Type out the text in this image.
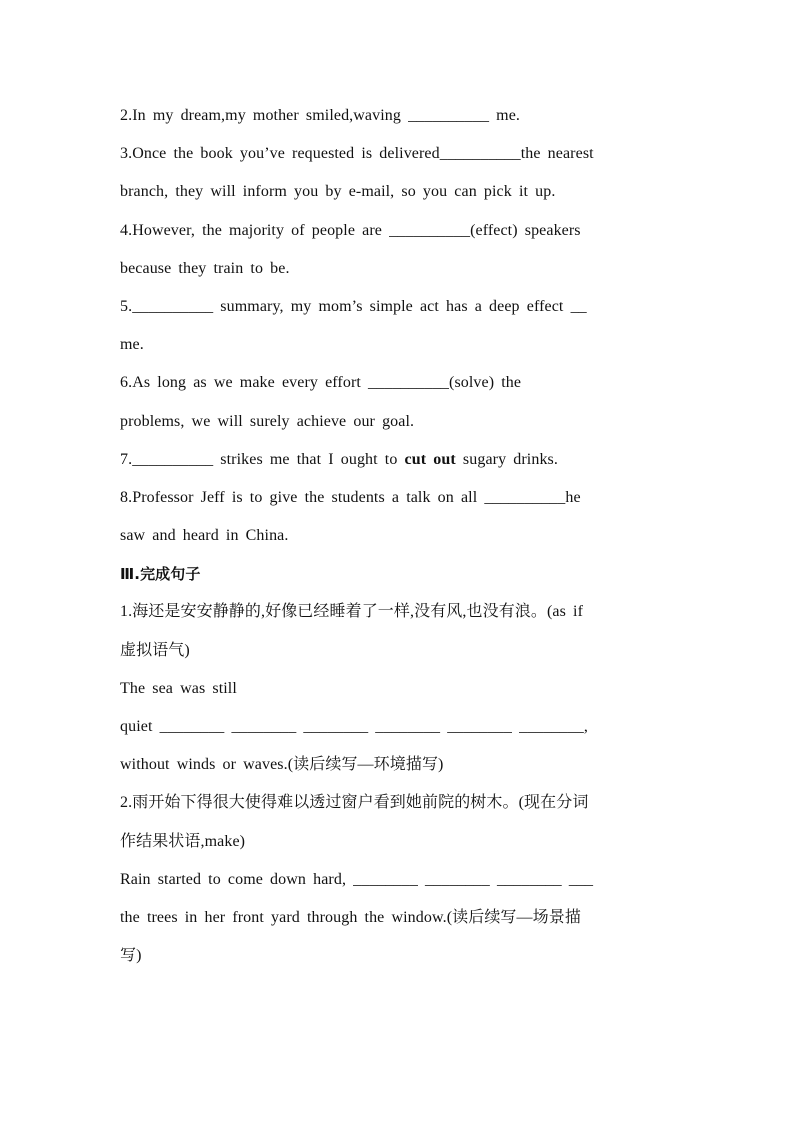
2.In my dream,my mother smiled,waving __________ me.
3.Once the book you’ve requested is delivered__________the nearest
branch, they will inform you by e-mail, so you can pick it up.
4.However, the majority of people are __________(effect) speakers
because they train to be.
5.__________ summary, my mom’s simple act has a deep effect __
me.
6.As long as we make every effort __________(solve) the
problems, we will surely achieve our goal.
7.__________ strikes me that I ought to cut out sugary drinks.
8.Professor Jeff is to give the students a talk on all __________he
saw and heard in China.
Ⅲ.完成句子
1.海还是安安静静的,好像已经睡着了一样,没有风,也没有浪。(as if
虚拟语气)
The sea was still
quiet ________ ________ ________ ________ ________ ________,
without winds or waves.(读后续写—环境描写)
2.雨开始下得很大使得难以透过窗户看到她前院的树木。(现在分词
作结果状语,make)
Rain started to come down hard, ________ ________ ________ ___
the trees in her front yard through the window.(读后续写—场景描
写)
